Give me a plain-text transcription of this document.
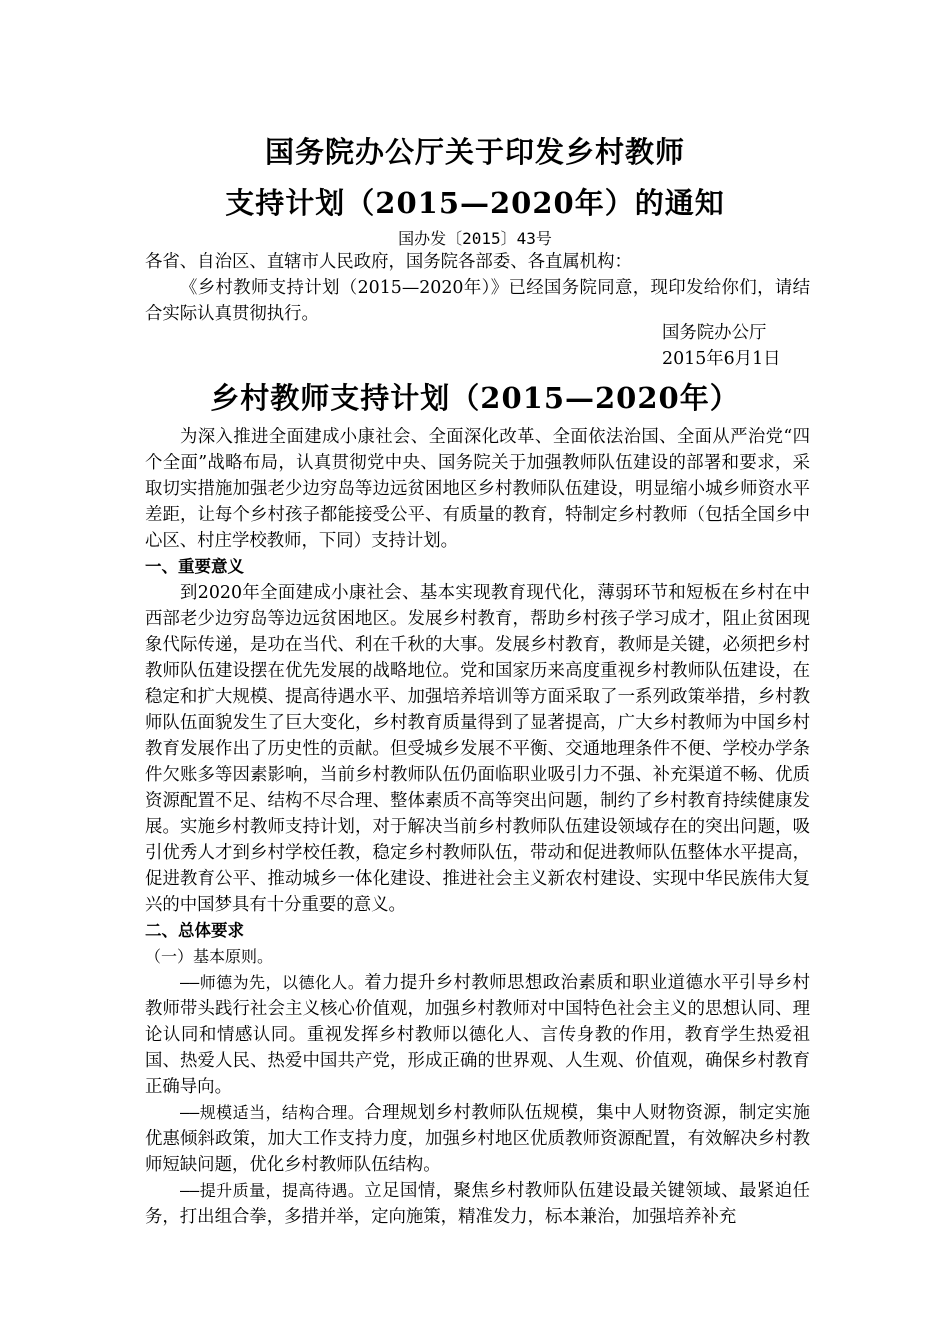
国务院办公厅关于印发乡村教师
支持计划（2015—2020年）的通知
国办发〔2015〕43号

各省、自治区、直辖市人民政府，国务院各部委、各直属机构：

《乡村教师支持计划（2015—2020年）》已经国务院同意，现印发给你们，请结合实际认真贯彻执行。

国务院办公厅
2015年6月1日
乡村教师支持计划（2015—2020年）

为深入推进全面建成小康社会、全面深化改革、全面依法治国、全面从严治党“四个全面”战略布局，认真贯彻党中央、国务院关于加强教师队伍建设的部署和要求，采取切实措施加强老少边穷岛等边远贫困地区乡村教师队伍建设，明显缩小城乡师资水平差距，让每个乡村孩子都能接受公平、有质量的教育，特制定乡村教师（包括全国乡中心区、村庄学校教师，下同）支持计划。

一、重要意义

到2020年全面建成小康社会、基本实现教育现代化，薄弱环节和短板在乡村在中西部老少边穷岛等边远贫困地区。发展乡村教育，帮助乡村孩子学习成才，阻止贫困现象代际传递，是功在当代、利在千秋的大事。发展乡村教育，教师是关键，必须把乡村教师队伍建设摆在优先发展的战略地位。党和国家历来高度重视乡村教师队伍建设，在稳定和扩大规模、提高待遇水平、加强培养培训等方面采取了一系列政策举措，乡村教师队伍面貌发生了巨大变化，乡村教育质量得到了显著提高，广大乡村教师为中国乡村教育发展作出了历史性的贡献。但受城乡发展不平衡、交通地理条件不便、学校办学条件欠账多等因素影响，当前乡村教师队伍仍面临职业吸引力不强、补充渠道不畅、优质资源配置不足、结构不尽合理、整体素质不高等突出问题，制约了乡村教育持续健康发展。实施乡村教师支持计划，对于解决当前乡村教师队伍建设领域存在的突出问题，吸引优秀人才到乡村学校任教，稳定乡村教师队伍，带动和促进教师队伍整体水平提高，促进教育公平、推动城乡一体化建设、推进社会主义新农村建设、实现中华民族伟大复兴的中国梦具有十分重要的意义。

二、总体要求

（一）基本原则。

——师德为先，以德化人。着力提升乡村教师思想政治素质和职业道德水平引导乡村教师带头践行社会主义核心价值观，加强乡村教师对中国特色社会主义的思想认同、理论认同和情感认同。重视发挥乡村教师以德化人、言传身教的作用，教育学生热爱祖国、热爱人民、热爱中国共产党，形成正确的世界观、人生观、价值观，确保乡村教育正确导向。

——规模适当，结构合理。合理规划乡村教师队伍规模，集中人财物资源，制定实施优惠倾斜政策，加大工作支持力度，加强乡村地区优质教师资源配置，有效解决乡村教师短缺问题，优化乡村教师队伍结构。

——提升质量，提高待遇。立足国情，聚焦乡村教师队伍建设最关键领域、最紧迫任务，打出组合拳，多措并举，定向施策，精准发力，标本兼治，加强培养补充
